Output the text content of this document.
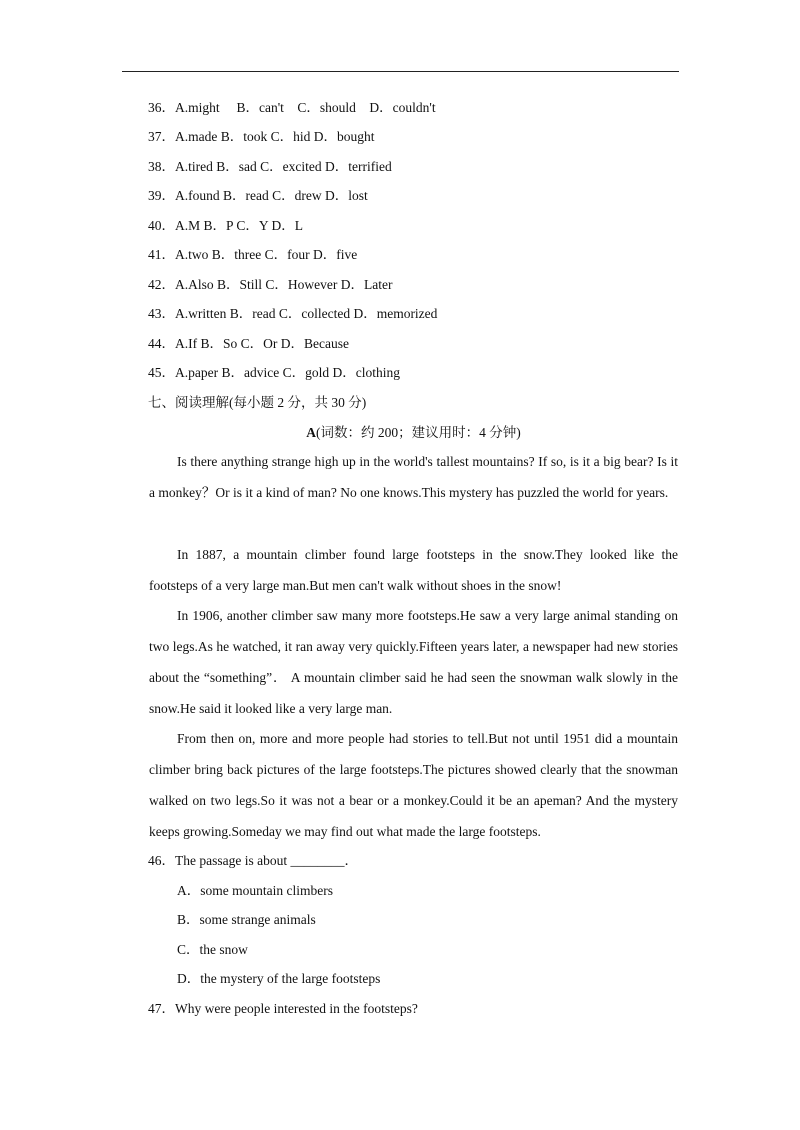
36．A.might　 B．can't　C．should　D．couldn't
37．A.made B．took C．hid D．bought
38．A.tired B．sad C．excited D．terrified
39．A.found B．read C．drew D．lost
40．A.M B．P C．Y D．L
41．A.two B．three C．four D．five
42．A.Also B．Still C．However D．Later
43．A.written B．read C．collected D．memorized
44．A.If B．So C．Or D．Because
45．A.paper B．advice C．gold D．clothing
七、阅读理解(每小题 2 分，共 30 分)
A(词数：约 200；建议用时：4 分钟)

Is there anything strange high up in the world's tallest mountains? If so, is it a big bear? Is it a monkey？Or is it a kind of man? No one knows.This mystery has puzzled the world for years.

In 1887, a mountain climber found large footsteps in the snow.They looked like the footsteps of a very large man.But men can't walk without shoes in the snow!

In 1906, another climber saw many more footsteps.He saw a very large animal standing on two legs.As he watched, it ran away very quickly.Fifteen years later, a newspaper had new stories about the “something”． A mountain climber said he had seen the snowman walk slowly in the snow.He said it looked like a very large man.

From then on, more and more people had stories to tell.But not until 1951 did a mountain climber bring back pictures of the large footsteps.The pictures showed clearly that the snowman walked on two legs.So it was not a bear or a monkey.Could it be an apeman? And the mystery keeps growing.Someday we may find out what made the large footsteps.

46．The passage is about ________．
A．some mountain climbers
B．some strange animals
C．the snow
D．the mystery of the large footsteps
47．Why were people interested in the footsteps?
